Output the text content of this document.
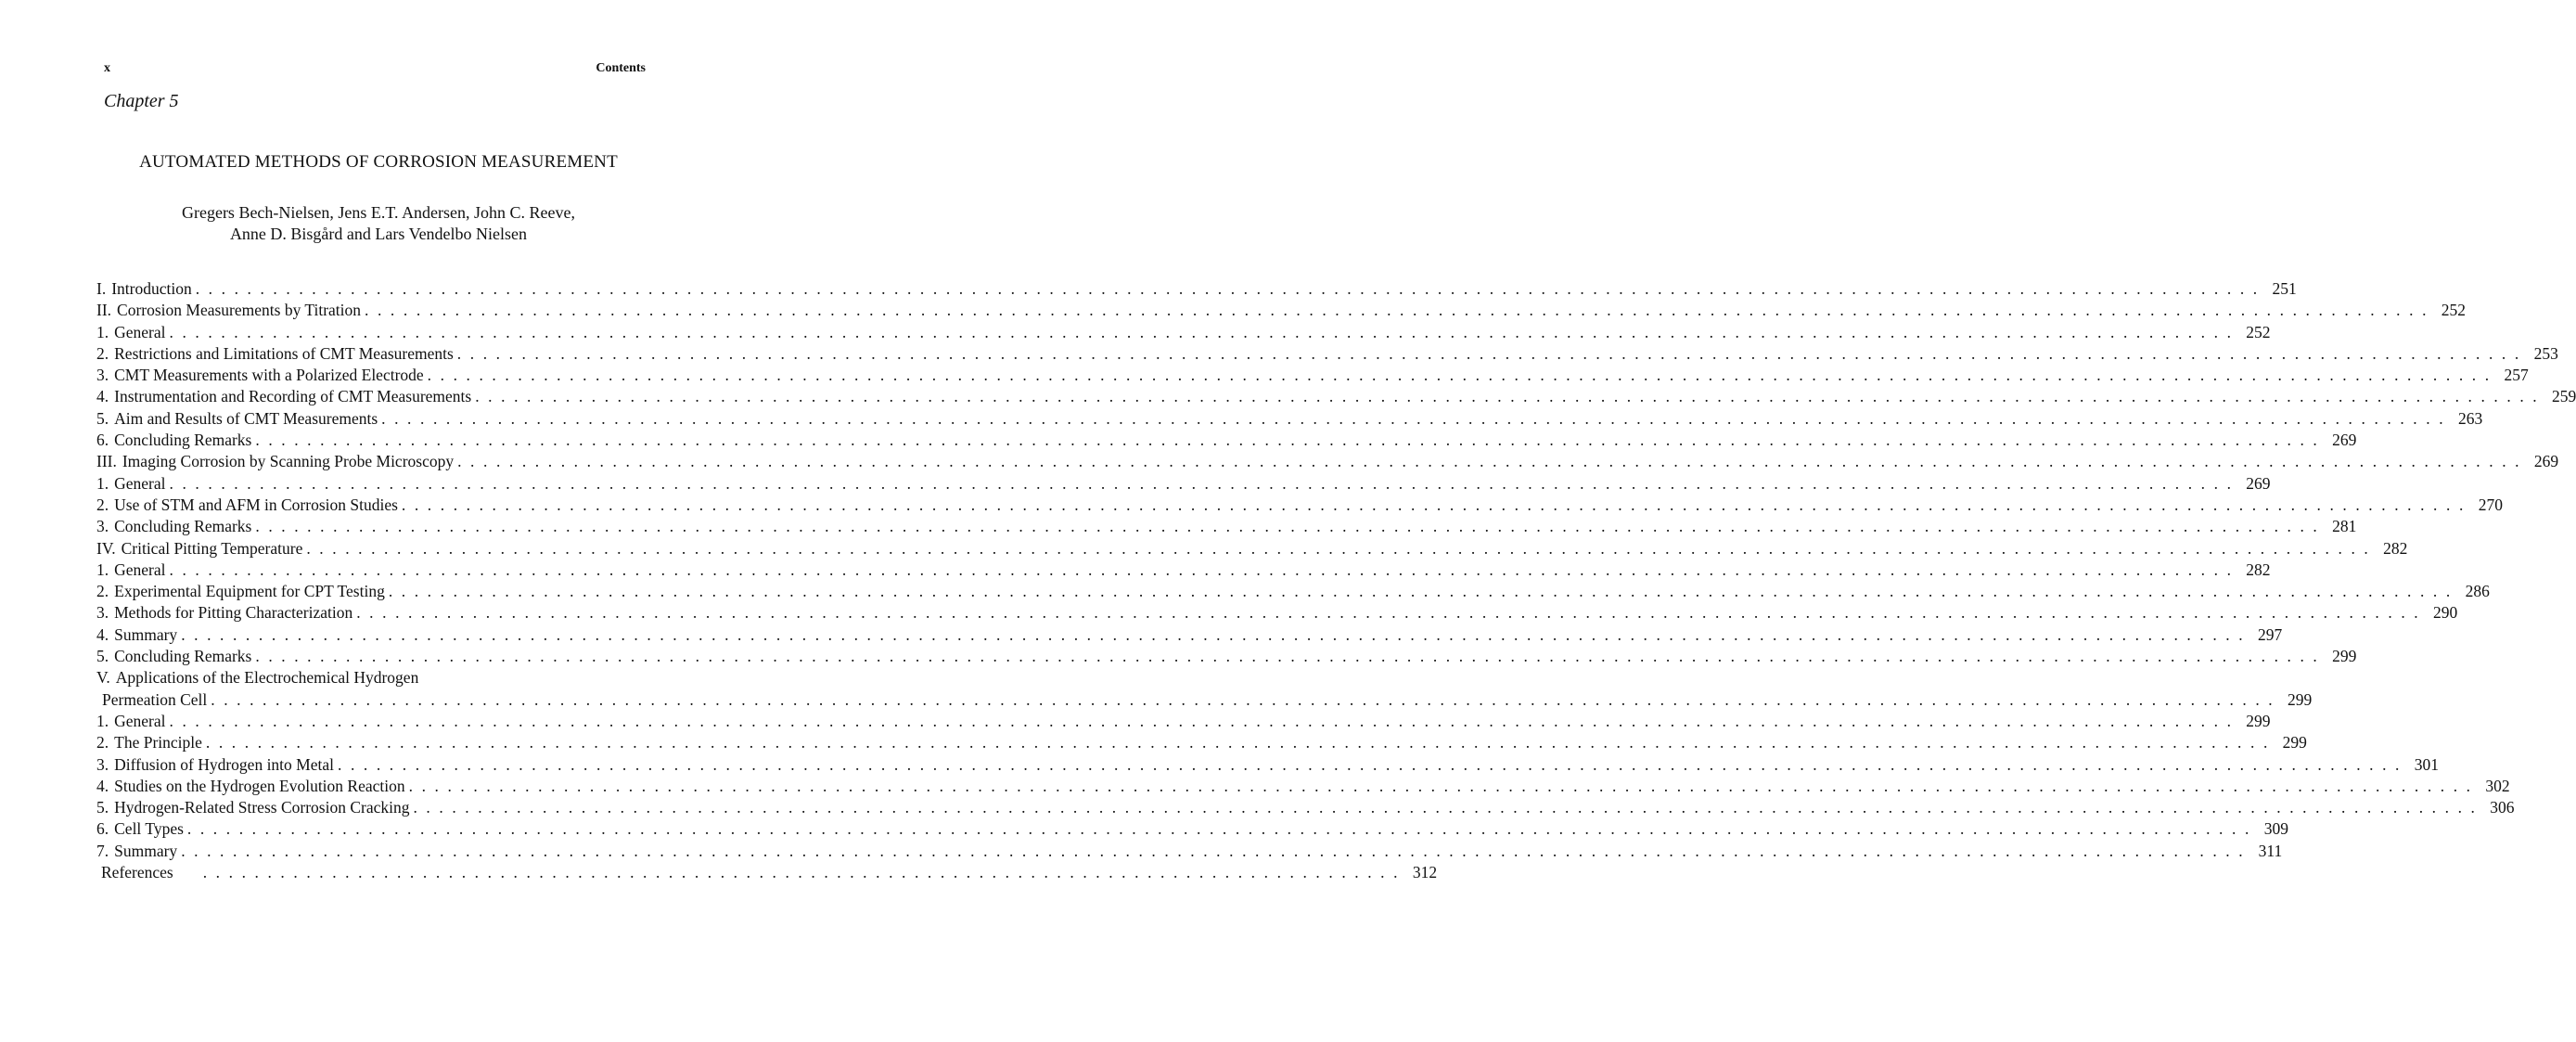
x	Contents
Chapter 5
AUTOMATED METHODS OF CORROSION MEASUREMENT
Gregers Bech-Nielsen, Jens E.T. Andersen, John C. Reeve,
Anne D. Bisgård and Lars Vendelbo Nielsen
I. Introduction . . . . . . . . . . . . . . . . . . . . . . . . . . . . . . . . . . . . . . . . . . . . . . . . . . . . . . . . . . . . . . . . . . . . . . . . . . . . . . . . . . . . . . . . . . . . . . . . . . . . . . . . . . . . . . . . . . . . . . . . . . . . . . . . . . . . . . . . . . . . . . . . . . . . . . . . . . . . . . . . 251
II. Corrosion Measurements by Titration . . . . . . . . . . . . . . . . . . . . . . . . . . . . . . . . . . . . . . . . . . . . . . . . . . . . . . . . . . . . . . . . . . . . . . . . . . . . . . . . . . . . . . . . . . . . . . . . . . . . . . . . . . . . . . . . . . . . . . . . . . . . . . . . . . . . . . . . . . . . . . . . . . . . . . . . . . . . . . . . 252
1. General . . . . . . . . . . . . . . . . . . . . . . . . . . . . . . . . . . . . . . . . . . . . . . . . . . . . . . . . . . . . . . . . . . . . . . . . . . . . . . . . . . . . . . . . . . . . . . . . . . . . . . . . . . . . . . . . . . . . . . . . . . . . . . . . . . . . . . . . . . . . . . . . . . . . . . . . . . . . . . . . 252
2. Restrictions and Limitations of CMT Measurements . . . . . . . . . . . . . . . . . . . . . . . . . . . . . . . . . . . . . . . . . . . . . . . . . . . . . . . . . . . . . . . . . . . . . . . . . . . . . . . . . . . . . . . . . . . . . . . . . . . . . . . . . . . . . . . . . . . . . . . . . . . . . . . . . . . . . . . . . . . . . . . . . . . . . . . . . . . . . . . . 253
3. CMT Measurements with a Polarized Electrode . . . . . . . . . . . . . . . . . . . . . . . . . . . . . . . . . . . . . . . . . . . . . . . . . . . . . . . . . . . . . . . . . . . . . . . . . . . . . . . . . . . . . . . . . . . . . . . . . . . . . . . . . . . . . . . . . . . . . . . . . . . . . . . . . . . . . . . . . . . . . . . . . . . . . . . . . . . . . . . . 257
4. Instrumentation and Recording of CMT Measurements . . . . . . . . . . . . . . . . . . . . . . . . . . . . . . . . . . . . . . . . . . . . . . . . . . . . . . . . . . . . . . . . . . . . . . . . . . . . . . . . . . . . . . . . . . . . . . . . . . . . . . . . . . . . . . . . . . . . . . . . . . . . . . . . . . . . . . . . . . . . . . . . . . . . . . . . . . . . . . . . 259
5. Aim and Results of CMT Measurements . . . . . . . . . . . . . . . . . . . . . . . . . . . . . . . . . . . . . . . . . . . . . . . . . . . . . . . . . . . . . . . . . . . . . . . . . . . . . . . . . . . . . . . . . . . . . . . . . . . . . . . . . . . . . . . . . . . . . . . . . . . . . . . . . . . . . . . . . . . . . . . . . . . . . . . . . . . . . . . . 263
6. Concluding Remarks . . . . . . . . . . . . . . . . . . . . . . . . . . . . . . . . . . . . . . . . . . . . . . . . . . . . . . . . . . . . . . . . . . . . . . . . . . . . . . . . . . . . . . . . . . . . . . . . . . . . . . . . . . . . . . . . . . . . . . . . . . . . . . . . . . . . . . . . . . . . . . . . . . . . . . . . . . . . . . . . 269
III. Imaging Corrosion by Scanning Probe Microscopy . . . . . . . . . . . . . . . . . . . . . . . . . . . . . . . . . . . . . . . . . . . . . . . . . . . . . . . . . . . . . . . . . . . . . . . . . . . . . . . . . . . . . . . . . . . . . . . . . . . . . . . . . . . . . . . . . . . . . . . . . . . . . . . . . . . . . . . . . . . . . . . . . . . . . . . . . . . . . . . . 269
1. General . . . . . . . . . . . . . . . . . . . . . . . . . . . . . . . . . . . . . . . . . . . . . . . . . . . . . . . . . . . . . . . . . . . . . . . . . . . . . . . . . . . . . . . . . . . . . . . . . . . . . . . . . . . . . . . . . . . . . . . . . . . . . . . . . . . . . . . . . . . . . . . . . . . . . . . . . . . . . . . . 269
2. Use of STM and AFM in Corrosion Studies . . . . . . . . . . . . . . . . . . . . . . . . . . . . . . . . . . . . . . . . . . . . . . . . . . . . . . . . . . . . . . . . . . . . . . . . . . . . . . . . . . . . . . . . . . . . . . . . . . . . . . . . . . . . . . . . . . . . . . . . . . . . . . . . . . . . . . . . . . . . . . . . . . . . . . . . . . . . . . . . 270
3. Concluding Remarks . . . . . . . . . . . . . . . . . . . . . . . . . . . . . . . . . . . . . . . . . . . . . . . . . . . . . . . . . . . . . . . . . . . . . . . . . . . . . . . . . . . . . . . . . . . . . . . . . . . . . . . . . . . . . . . . . . . . . . . . . . . . . . . . . . . . . . . . . . . . . . . . . . . . . . . . . . . . . . . . 281
IV. Critical Pitting Temperature . . . . . . . . . . . . . . . . . . . . . . . . . . . . . . . . . . . . . . . . . . . . . . . . . . . . . . . . . . . . . . . . . . . . . . . . . . . . . . . . . . . . . . . . . . . . . . . . . . . . . . . . . . . . . . . . . . . . . . . . . . . . . . . . . . . . . . . . . . . . . . . . . . . . . . . . . . . . . . . . 282
1. General . . . . . . . . . . . . . . . . . . . . . . . . . . . . . . . . . . . . . . . . . . . . . . . . . . . . . . . . . . . . . . . . . . . . . . . . . . . . . . . . . . . . . . . . . . . . . . . . . . . . . . . . . . . . . . . . . . . . . . . . . . . . . . . . . . . . . . . . . . . . . . . . . . . . . . . . . . . . . . . . 282
2. Experimental Equipment for CPT Testing . . . . . . . . . . . . . . . . . . . . . . . . . . . . . . . . . . . . . . . . . . . . . . . . . . . . . . . . . . . . . . . . . . . . . . . . . . . . . . . . . . . . . . . . . . . . . . . . . . . . . . . . . . . . . . . . . . . . . . . . . . . . . . . . . . . . . . . . . . . . . . . . . . . . . . . . . . . . . . . . 286
3. Methods for Pitting Characterization . . . . . . . . . . . . . . . . . . . . . . . . . . . . . . . . . . . . . . . . . . . . . . . . . . . . . . . . . . . . . . . . . . . . . . . . . . . . . . . . . . . . . . . . . . . . . . . . . . . . . . . . . . . . . . . . . . . . . . . . . . . . . . . . . . . . . . . . . . . . . . . . . . . . . . . . . . . . . . . . 290
4. Summary . . . . . . . . . . . . . . . . . . . . . . . . . . . . . . . . . . . . . . . . . . . . . . . . . . . . . . . . . . . . . . . . . . . . . . . . . . . . . . . . . . . . . . . . . . . . . . . . . . . . . . . . . . . . . . . . . . . . . . . . . . . . . . . . . . . . . . . . . . . . . . . . . . . . . . . . . . . . . . . . 297
5. Concluding Remarks . . . . . . . . . . . . . . . . . . . . . . . . . . . . . . . . . . . . . . . . . . . . . . . . . . . . . . . . . . . . . . . . . . . . . . . . . . . . . . . . . . . . . . . . . . . . . . . . . . . . . . . . . . . . . . . . . . . . . . . . . . . . . . . . . . . . . . . . . . . . . . . . . . . . . . . . . . . . . . . . 299
V. Applications of the Electrochemical Hydrogen
Permeation Cell . . . . . . . . . . . . . . . . . . . . . . . . . . . . . . . . . . . . . . . . . . . . . . . . . . . . . . . . . . . . . . . . . . . . . . . . . . . . . . . . . . . . . . . . . . . . . . . . . . . . . . . . . . . . . . . . . . . . . . . . . . . . . . . . . . . . . . . . . . . . . . . . . . . . . . . . . . . . . . . . 299
1. General . . . . . . . . . . . . . . . . . . . . . . . . . . . . . . . . . . . . . . . . . . . . . . . . . . . . . . . . . . . . . . . . . . . . . . . . . . . . . . . . . . . . . . . . . . . . . . . . . . . . . . . . . . . . . . . . . . . . . . . . . . . . . . . . . . . . . . . . . . . . . . . . . . . . . . . . . . . . . . . . 299
2. The Principle . . . . . . . . . . . . . . . . . . . . . . . . . . . . . . . . . . . . . . . . . . . . . . . . . . . . . . . . . . . . . . . . . . . . . . . . . . . . . . . . . . . . . . . . . . . . . . . . . . . . . . . . . . . . . . . . . . . . . . . . . . . . . . . . . . . . . . . . . . . . . . . . . . . . . . . . . . . . . . . . 299
3. Diffusion of Hydrogen into Metal . . . . . . . . . . . . . . . . . . . . . . . . . . . . . . . . . . . . . . . . . . . . . . . . . . . . . . . . . . . . . . . . . . . . . . . . . . . . . . . . . . . . . . . . . . . . . . . . . . . . . . . . . . . . . . . . . . . . . . . . . . . . . . . . . . . . . . . . . . . . . . . . . . . . . . . . . . . . . . . . 301
4. Studies on the Hydrogen Evolution Reaction . . . . . . . . . . . . . . . . . . . . . . . . . . . . . . . . . . . . . . . . . . . . . . . . . . . . . . . . . . . . . . . . . . . . . . . . . . . . . . . . . . . . . . . . . . . . . . . . . . . . . . . . . . . . . . . . . . . . . . . . . . . . . . . . . . . . . . . . . . . . . . . . . . . . . . . . . . . . . . . . 302
5. Hydrogen-Related Stress Corrosion Cracking . . . . . . . . . . . . . . . . . . . . . . . . . . . . . . . . . . . . . . . . . . . . . . . . . . . . . . . . . . . . . . . . . . . . . . . . . . . . . . . . . . . . . . . . . . . . . . . . . . . . . . . . . . . . . . . . . . . . . . . . . . . . . . . . . . . . . . . . . . . . . . . . . . . . . . . . . . . . . . . . 306
6. Cell Types . . . . . . . . . . . . . . . . . . . . . . . . . . . . . . . . . . . . . . . . . . . . . . . . . . . . . . . . . . . . . . . . . . . . . . . . . . . . . . . . . . . . . . . . . . . . . . . . . . . . . . . . . . . . . . . . . . . . . . . . . . . . . . . . . . . . . . . . . . . . . . . . . . . . . . . . . . . . . . . . 309
7. Summary . . . . . . . . . . . . . . . . . . . . . . . . . . . . . . . . . . . . . . . . . . . . . . . . . . . . . . . . . . . . . . . . . . . . . . . . . . . . . . . . . . . . . . . . . . . . . . . . . . . . . . . . . . . . . . . . . . . . . . . . . . . . . . . . . . . . . . . . . . . . . . . . . . . . . . . . . . . . . . . . 311
References	. . . . . . . . . . . . . . . . . . . . . . . . . . . . . . . . . . . . . . . . . . . . . . . . . . . . . . . . . . . . . . . . . . . . . . . . . . . . . . . . . . . . . . . . . . . . . 312
